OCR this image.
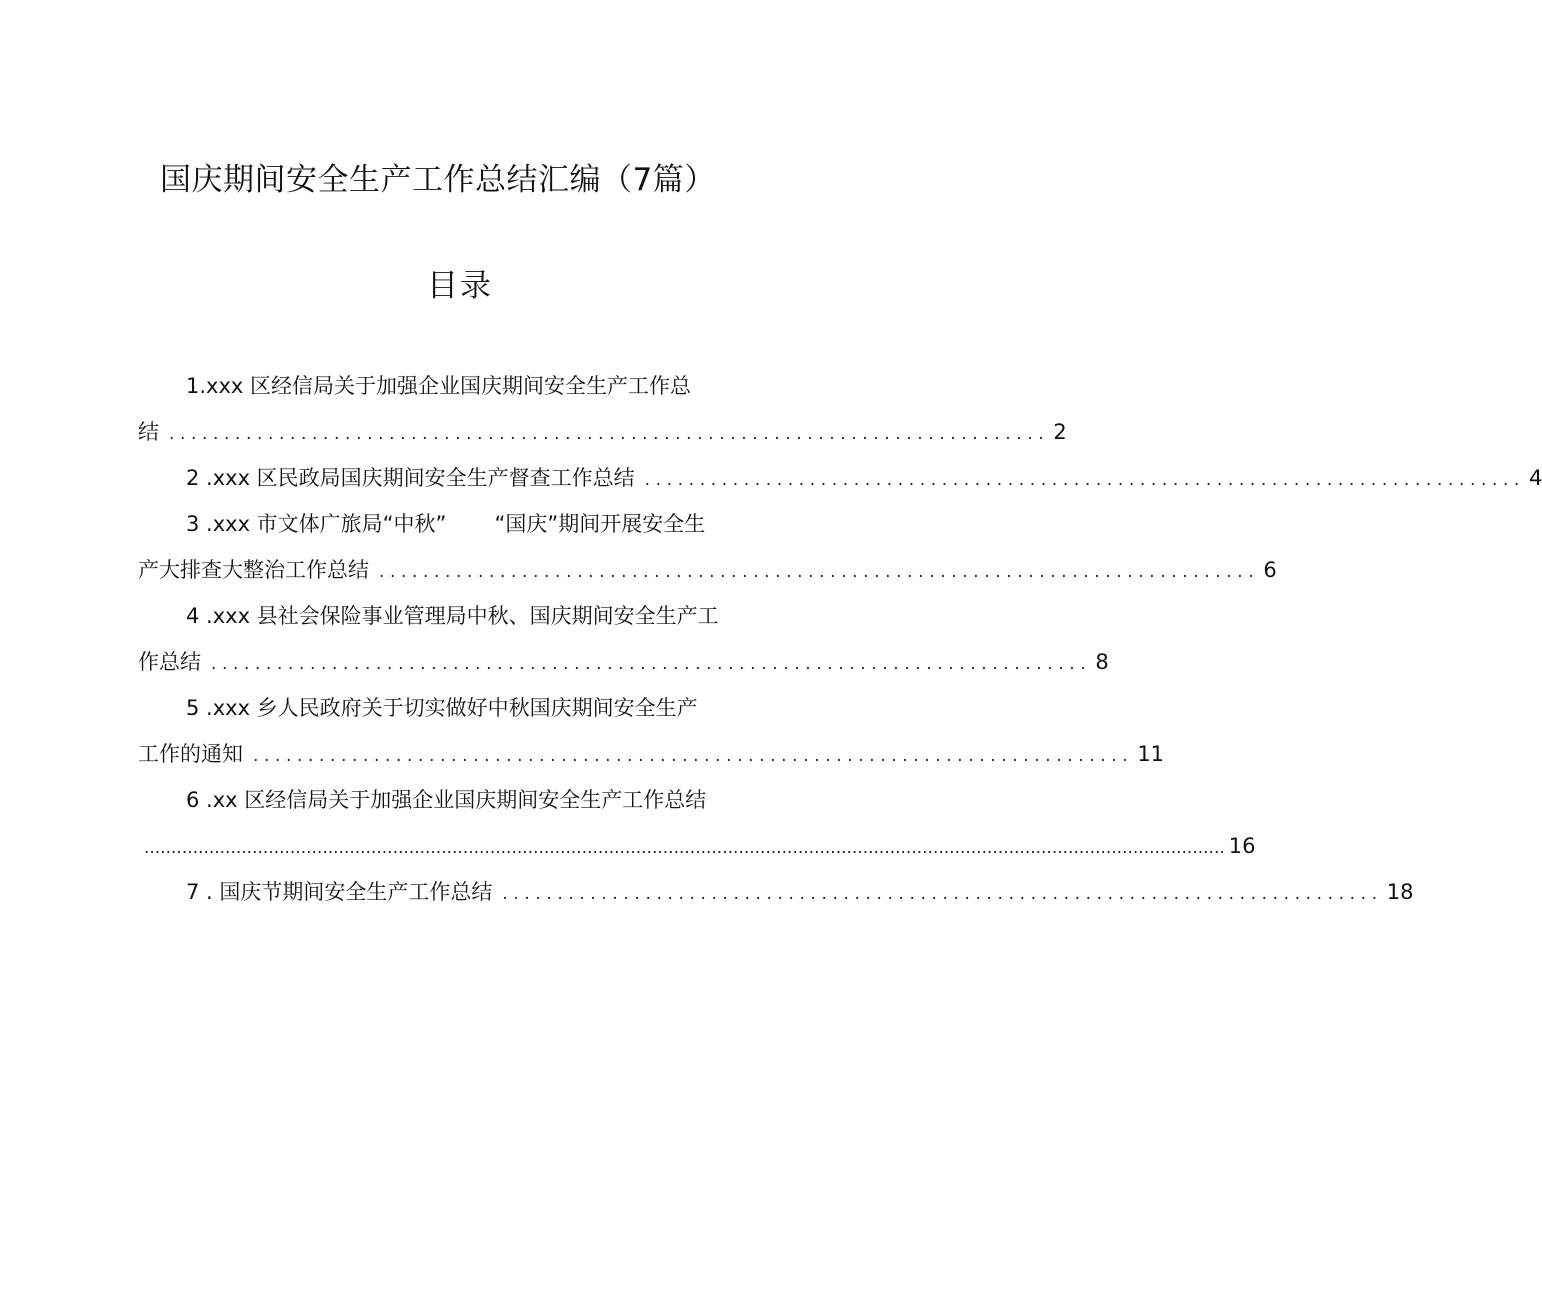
国庆期间安全生产工作总结汇编（7篇）
目录
1.xxx 区经信局关于加强企业国庆期间安全生产工作总
结 ................................................................................ 2
2 .xxx 区民政局国庆期间安全生产督查工作总结 ................................................................................ 4
3 .xxx 市文体广旅局“中秋” “国庆”期间开展安全生
产大排查大整治工作总结 ................................................................................ 6
4 .xxx 县社会保险事业管理局中秋、国庆期间安全生产工
作总结 ................................................................................ 8
5 .xxx 乡人民政府关于切实做好中秋国庆期间安全生产
工作的通知 ................................................................................ 11
6 .xx 区经信局关于加强企业国庆期间安全生产工作总结
........................................................................................................................................................................................................ 16
7 . 国庆节期间安全生产工作总结 ................................................................................ 18
